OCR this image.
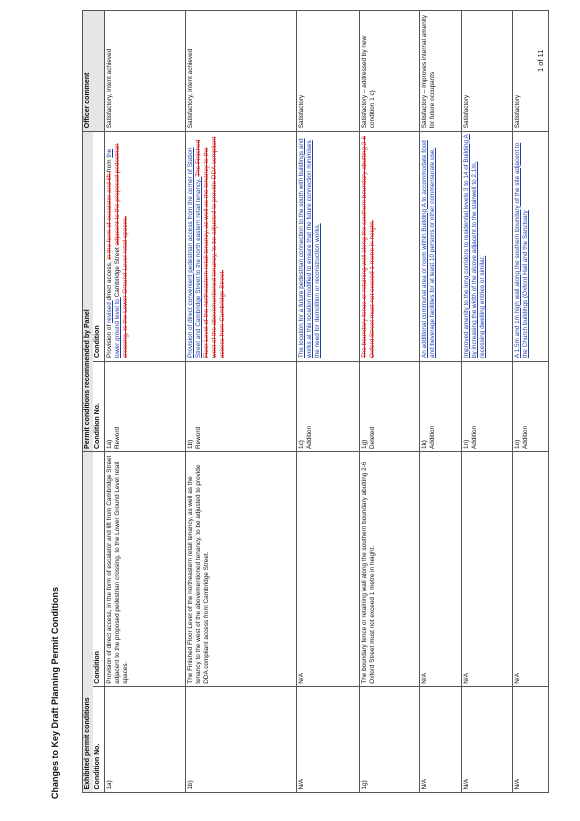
Changes to Key Draft Planning Permit Conditions
1 of 11
Exhibited permit conditions		Permit conditions recommended by Panel		Officer comment
Condition No.	Condition	Condition No.	Condition	
1a)	Provision of direct access, in the form of escalator and lift from Cambridge Street adjacent to the proposed pedestrian crossing, to the Lower Ground Level retail spaces.	1a) Reword	Provision of revised direct access, in the form of escalator and lift from the lower ground level to Cambridge Street adjacent to the proposed pedestrian crossing, to the Lower Ground Level retail spaces.	Satisfactory, intent achieved
1b)	The Finished Floor Level of the northeastern retail tenancy, as well as the tenancy to the west of the abovementioned tenancy, to be adjusted to provide DDA compliant access from Cambridge Street.	1b) Reword	Provision of direct convenient pedestrian access from the corner of Station Street and Cambridge Street to the north eastern retail tenancy. The Finished Floor Level of the northeastern retail tenancy, as well as the tenancy to the west of the abovementioned tenancy, to be adjusted to provide DDA compliant access from Cambridge Street.	Satisfactory, intent achieved
N/A	N/A	1c) Addition	The location for a future pedestrian connection to the south with buildings and works at this location modified to ensure that the future connection minimises the need for demolition or reconstruction works.	Satisfactory
1g)	The boundary fence or retaining wall along the southern boundary abutting 2-6 Oxford Street must not exceed 1 metre in height.	1g) Deleted	The boundary fence or retaining wall along the southern boundary abutting 2-6 Oxford Street must not exceed 1 metre in height.	Satisfactory – addressed by new condition 1 c)
N/A	N/A	1k) Addition	An additional communal area or room within Building A to accommodate food and beverage facilities for at least 10 persons or other commensurate use.	Satisfactory – improves internal amenity for future occupants
N/A	N/A	1n) Addition	Improved amenity to the long corridors to residential levels 3 to 14 of Building A by increasing the width of the alcove adjacent to the stairwell to 2.1m, recessing dwelling entries or similar.	Satisfactory
N/A	N/A	1o) Addition	A 1.5m and 1m high wall along the southern boundary of the site adjacent to the Church buildings (Oxford Hall and the Sanctuary	Satisfactory
